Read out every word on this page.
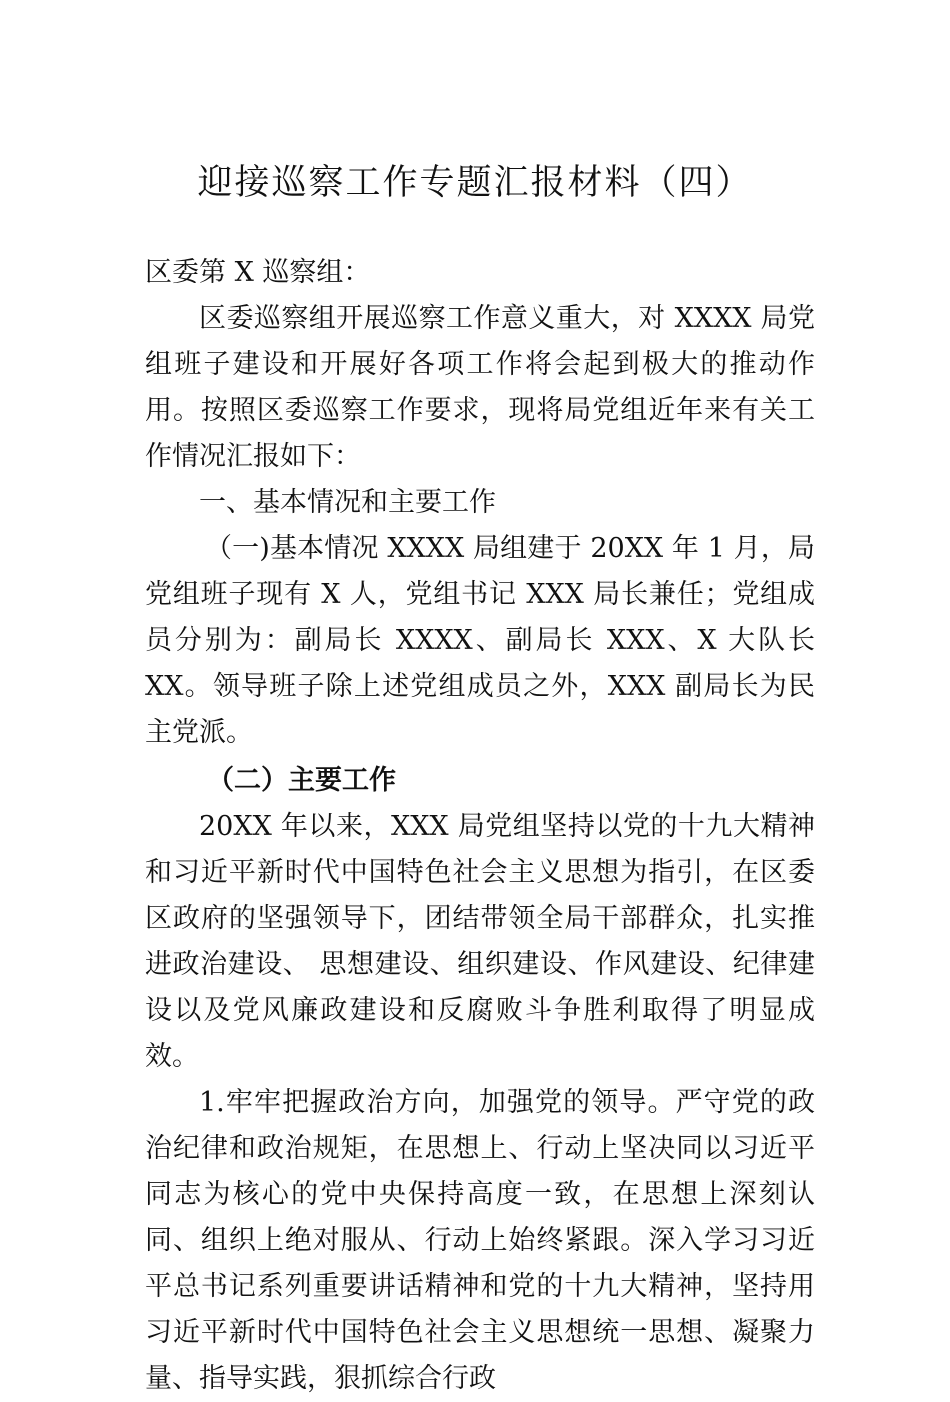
迎接巡察工作专题汇报材料（四）

区委第 X 巡察组：

区委巡察组开展巡察工作意义重大，对 XXXX 局党组班子建设和开展好各项工作将会起到极大的推动作用。按照区委巡察工作要求，现将局党组近年来有关工作情况汇报如下：

一、基本情况和主要工作

（一)基本情况 XXXX 局组建于 20XX 年 1 月，局党组班子现有 X 人，党组书记 XXX 局长兼任；党组成员分别为：副局长 XXXX、副局长 XXX、X 大队长 XX。领导班子除上述党组成员之外，XXX 副局长为民主党派。

（二）主要工作

20XX 年以来，XXX 局党组坚持以党的十九大精神和习近平新时代中国特色社会主义思想为指引，在区委区政府的坚强领导下，团结带领全局干部群众，扎实推进政治建设、 思想建设、组织建设、作风建设、纪律建设以及党风廉政建设和反腐败斗争胜利取得了明显成效。

1.牢牢把握政治方向，加强党的领导。严守党的政治纪律和政治规矩，在思想上、行动上坚决同以习近平同志为核心的党中央保持高度一致，在思想上深刻认同、组织上绝对服从、行动上始终紧跟。深入学习习近平总书记系列重要讲话精神和党的十九大精神，坚持用习近平新时代中国特色社会主义思想统一思想、凝聚力量、指导实践，狠抓综合行政
